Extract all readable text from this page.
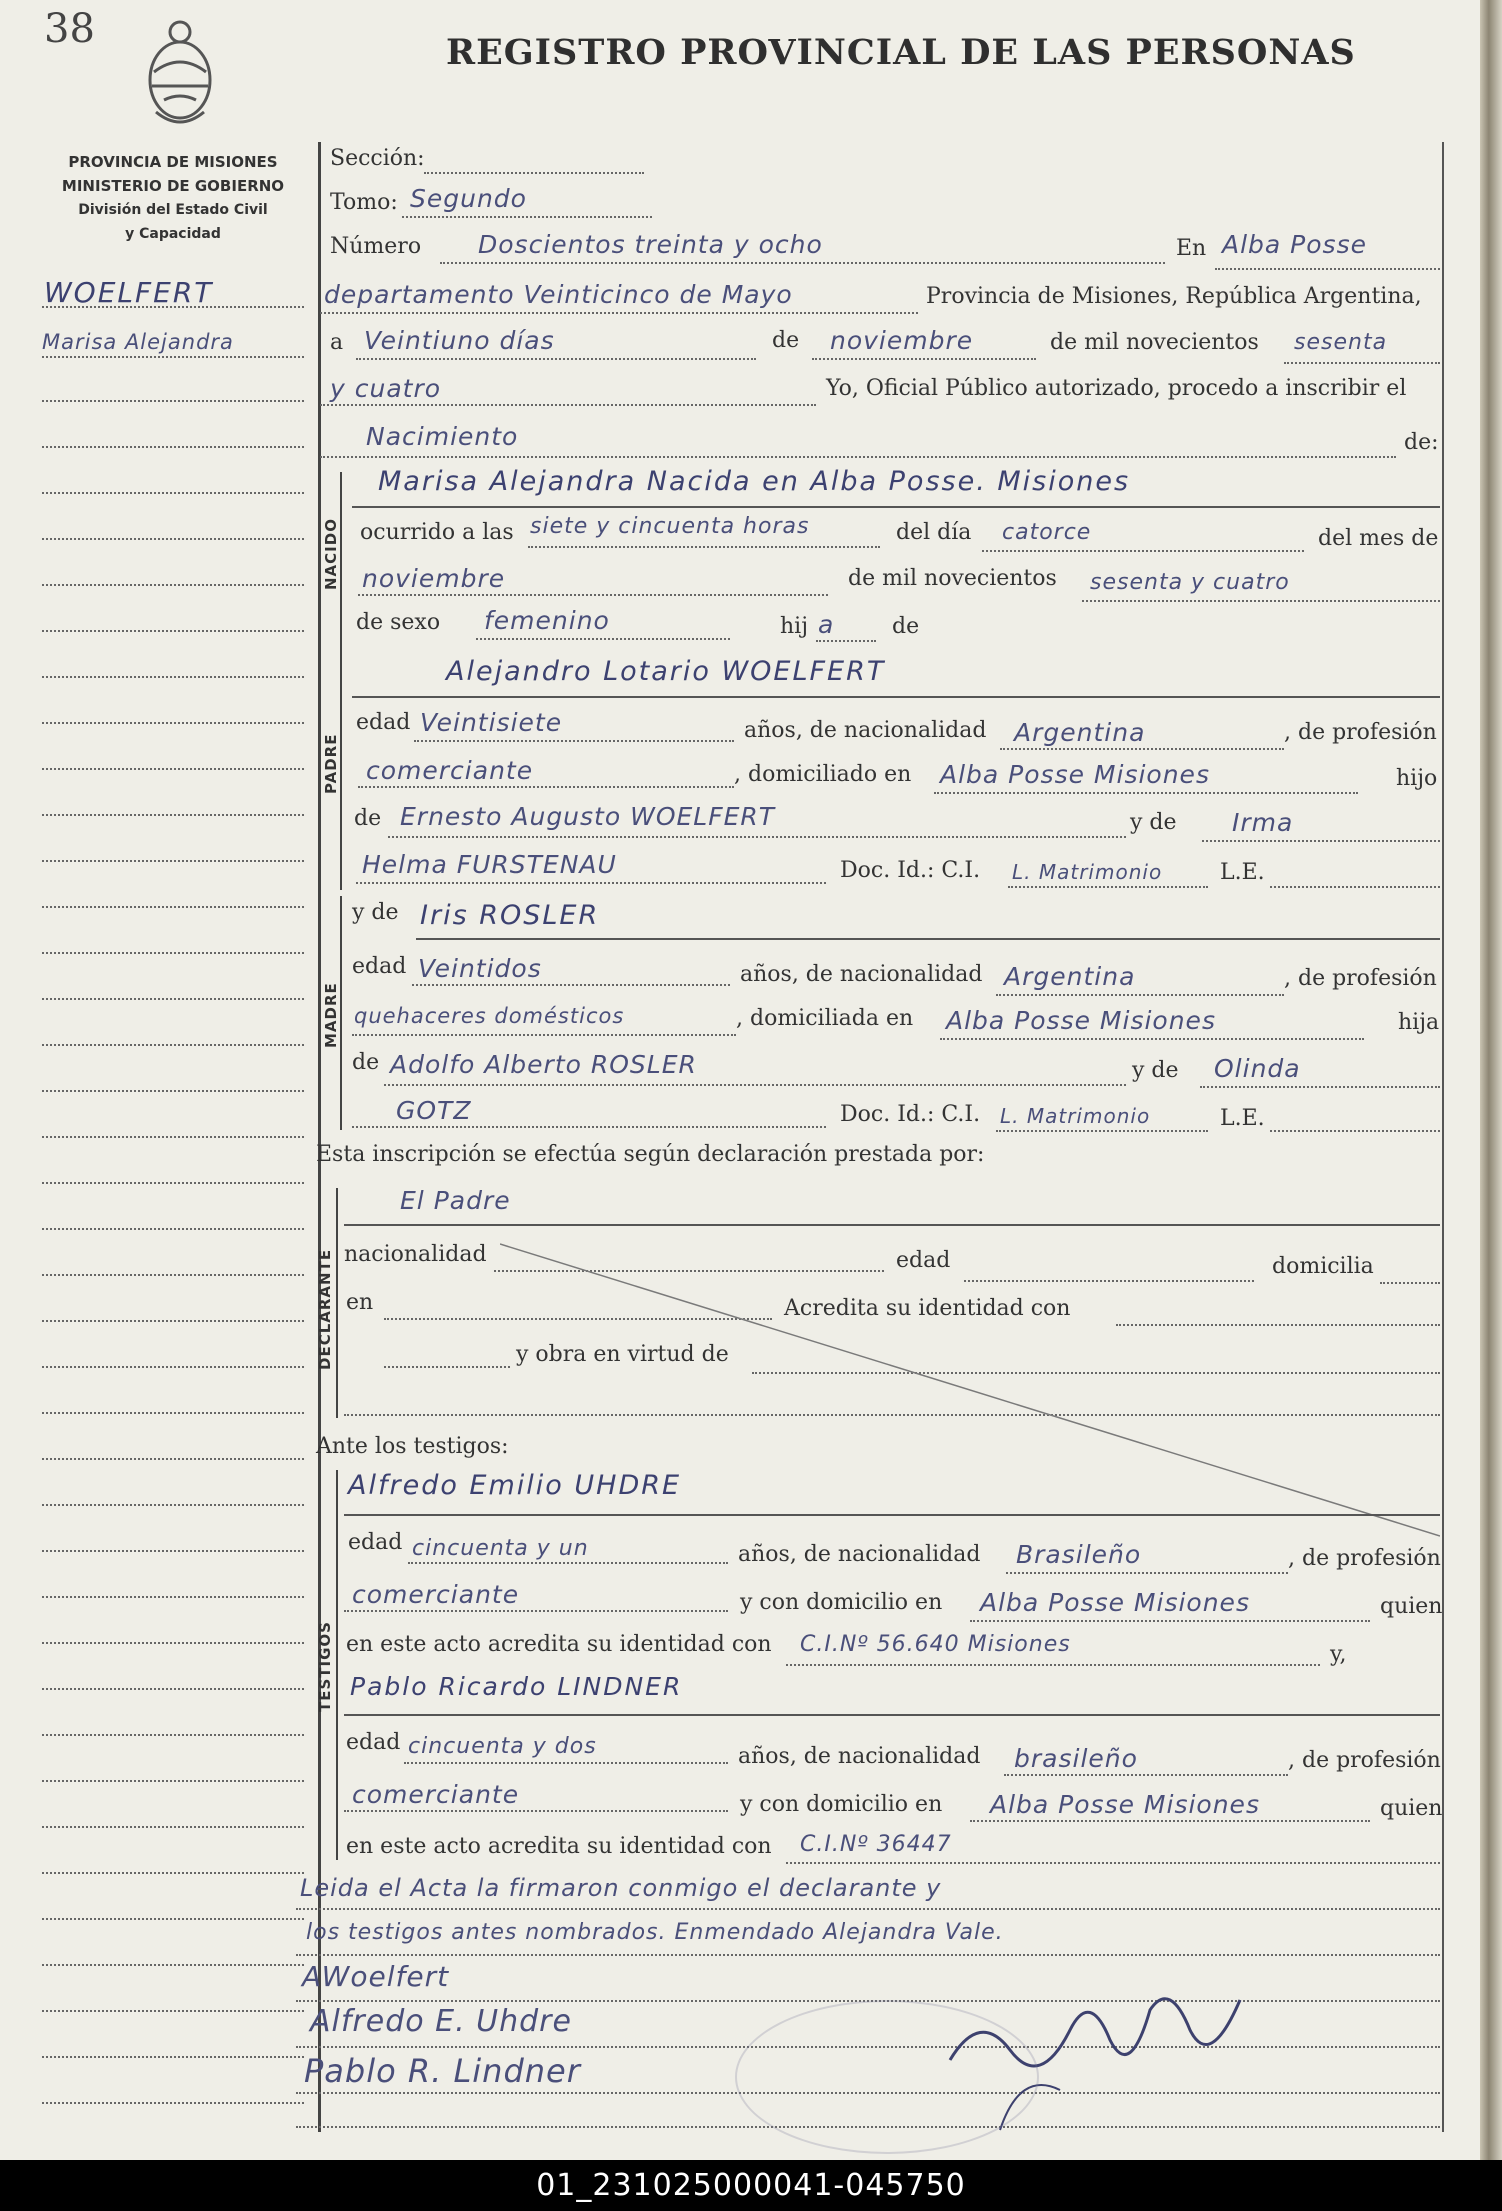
38
REGISTRO PROVINCIAL DE LAS PERSONAS
PROVINCIA DE MISIONES
MINISTERIO DE GOBIERNO
División del Estado Civil
y Capacidad
WOELFERT
Marisa Alejandra
Sección:
Tomo: Segundo
Número Doscientos treinta y ocho	En Alba Posse
departamento Veinticinco de Mayo	Provincia de Misiones, República Argentina,
a Veintiuno días	de noviembre	de mil novecientos sesenta
y cuatro	Yo, Oficial Público autorizado, procedo a inscribir el
Nacimiento	de:
NACIDO
Marisa Alejandra Nacida en Alba Posse. Misiones
ocurrido a las siete y cincuenta horas	del día catorce	del mes de
noviembre	de mil novecientos sesenta y cuatro
de sexo femenino	hij a	de
PADRE
Alejandro Lotario WOELFERT
edad Veintisiete	años, de nacionalidad Argentina	, de profesión
comerciante	, domiciliado en Alba Posse Misiones	hijo
de Ernesto Augusto WOELFERT	y de Irma
Helma FURSTENAU	Doc. Id.: C.I. L. Matrimonio	L.E.
MADRE
y de Iris ROSLER
edad Veintidos	años, de nacionalidad Argentina	, de profesión
quehaceres domésticos	, domiciliada en Alba Posse Misiones	hija
de Adolfo Alberto ROSLER	y de Olinda
GOTZ	Doc. Id.: C.I. L. Matrimonio	L.E.
Esta inscripción se efectúa según declaración prestada por:
DECLARANTE
El Padre
nacionalidad	edad	domicilia
en	Acredita su identidad con
y obra en virtud de
Ante los testigos:
TESTIGOS
Alfredo Emilio UHDRE
edad cincuenta y un	años, de nacionalidad Brasileño	, de profesión
comerciante	y con domicilio en Alba Posse Misiones	quien
en este acto acredita su identidad con C.I.Nº 56.640 Misiones	y,
Pablo Ricardo LINDNER
edad cincuenta y dos	años, de nacionalidad brasileño	, de profesión
comerciante	y con domicilio en Alba Posse Misiones	quien
en este acto acredita su identidad con C.I.Nº 36447
Leida el Acta la firmaron conmigo el declarante y
los testigos antes nombrados. Enmendado Alejandra Vale.
AWoelfert
Alfredo E. Uhdre
Pablo R. Lindner
01_231025000041-045750
